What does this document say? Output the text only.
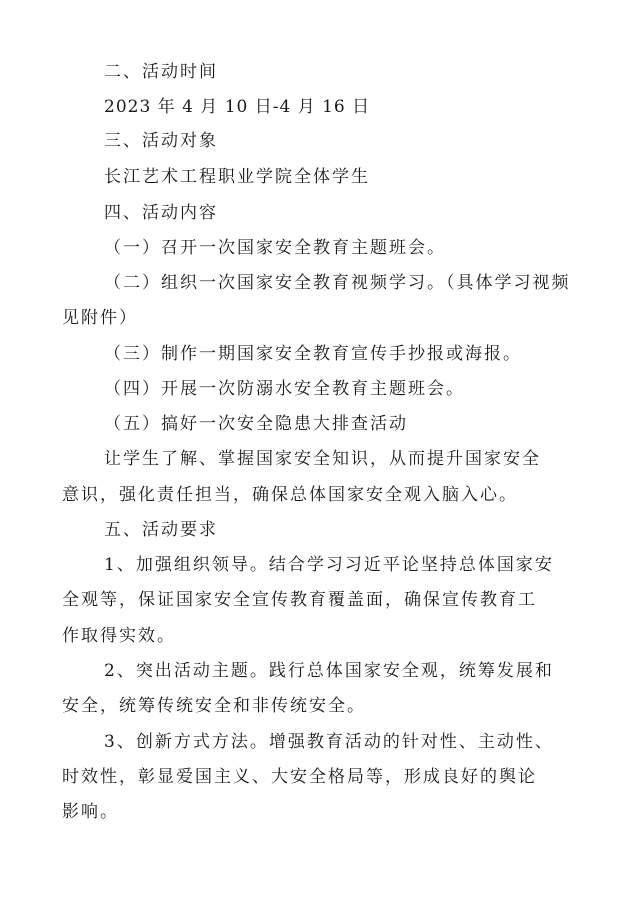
二、活动时间
2023 年 4 月 10 日-4 月 16 日
三、活动对象
长江艺术工程职业学院全体学生
四、活动内容
（一）召开一次国家安全教育主题班会。
（二）组织一次国家安全教育视频学习。（具体学习视频
见附件）
（三）制作一期国家安全教育宣传手抄报或海报。
（四）开展一次防溺水安全教育主题班会。
（五）搞好一次安全隐患大排查活动
让学生了解、掌握国家安全知识，从而提升国家安全
意识，强化责任担当，确保总体国家安全观入脑入心。
五、活动要求
1、加强组织领导。结合学习习近平论坚持总体国家安
全观等，保证国家安全宣传教育覆盖面，确保宣传教育工
作取得实效。
2、突出活动主题。践行总体国家安全观，统筹发展和
安全，统筹传统安全和非传统安全。
3、创新方式方法。增强教育活动的针对性、主动性、
时效性，彰显爱国主义、大安全格局等，形成良好的舆论
影响。
